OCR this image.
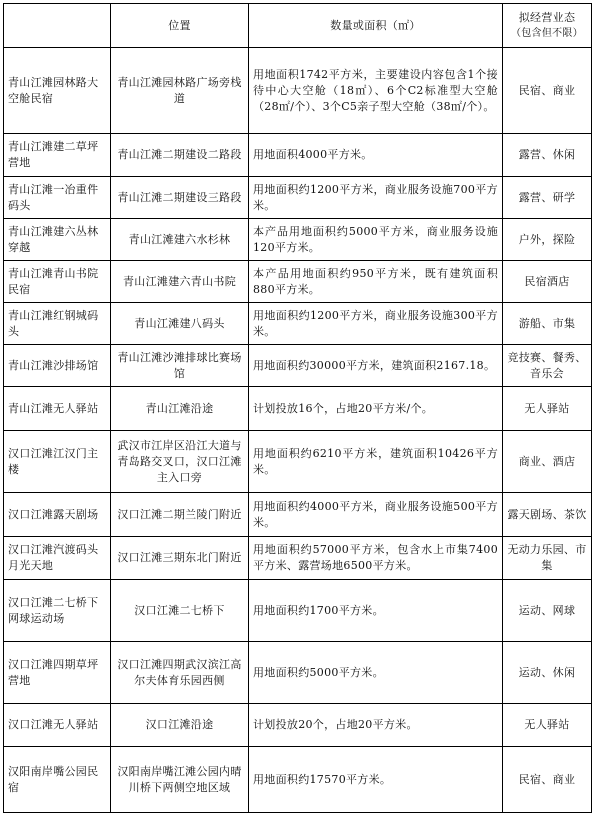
	位置	数量或面积（㎡）	拟经营业态
（包含但不限）

青山江滩园林路大空舱民宿	青山江滩园林路广场旁栈道	用地面积1742平方米，主要建设内容包含1个接待中心大空舱（18㎡）、6个C2标准型大空舱（28㎡/个）、3个C5亲子型大空舱（38㎡/个）。	民宿、商业
青山江滩建二草坪营地	青山江滩二期建设二路段	用地面积4000平方米。	露营、休闲
青山江滩一冶重件码头	青山江滩二期建设三路段	用地面积约1200平方米，商业服务设施700平方米。	露营、研学
青山江滩建六丛林穿越	青山江滩建六水杉林	本产品用地面积约5000平方米，商业服务设施120平方米。	户外，探险
青山江滩青山书院民宿	青山江滩建六青山书院	本产品用地面积约950平方米，既有建筑面积880平方米。	民宿酒店
青山江滩红钢城码头	青山江滩建八码头	用地面积约1200平方米，商业服务设施300平方米。	游船、市集
青山江滩沙排场馆	青山江滩沙滩排球比赛场馆	用地面积约30000平方米，建筑面积2167.18。	竞技赛、餐秀、音乐会
青山江滩无人驿站	青山江滩沿途	计划投放16个，占地20平方米/个。	无人驿站
汉口江滩江汉门主楼	武汉市江岸区沿江大道与青岛路交叉口，汉口江滩主入口旁	用地面积约6210平方米，建筑面积10426平方米。	商业、酒店
汉口江滩露天剧场	汉口江滩二期兰陵门附近	用地面积约4000平方米，商业服务设施500平方米。	露天剧场、茶饮
汉口江滩汽渡码头月光天地	汉口江滩三期东北门附近	用地面积约57000平方米，包含水上市集7400平方米、露营场地6500平方米。	无动力乐园、市集
汉口江滩二七桥下网球运动场	汉口江滩二七桥下	用地面积约1700平方米。	运动、网球
汉口江滩四期草坪营地	汉口江滩四期武汉滨江高尔夫体育乐园西侧	用地面积约5000平方米。	运动、休闲
汉口江滩无人驿站	汉口江滩沿途	计划投放20个，占地20平方米。	无人驿站
汉阳南岸嘴公园民宿	汉阳南岸嘴江滩公园内晴川桥下两侧空地区域	用地面积约17570平方米。	民宿、商业
